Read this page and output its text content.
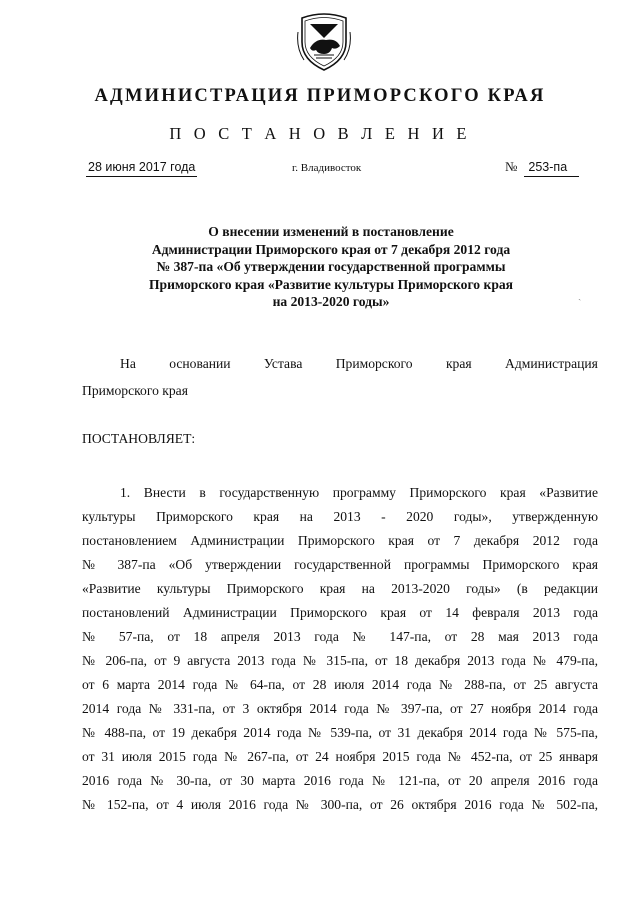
АДМИНИСТРАЦИЯ ПРИМОРСКОГО КРАЯ
П О С Т А Н О В Л Е Н И Е
28 июня 2017 года	г. Владивосток	№ 253-па
О внесении изменений в постановление
Администрации Приморского края от 7 декабря 2012 года
№ 387-па «Об утверждении государственной программы
Приморского края «Развитие культуры Приморского края
на 2013-2020 годы»	ˎ
На основании Устава Приморского края Администрация
Приморского края
ПОСТАНОВЛЯЕТ:
1. Внести в государственную программу Приморского края «Развитие
культуры Приморского края на 2013 - 2020 годы», утвержденную
постановлением Администрации Приморского края от 7 декабря 2012 года
№ 387-па «Об утверждении государственной программы Приморского края
«Развитие культуры Приморского края на 2013-2020 годы» (в редакции
постановлений Администрации Приморского края от 14 февраля 2013 года
№ 57-па, от 18 апреля 2013 года № 147-па, от 28 мая 2013 года
№ 206-па, от 9 августа 2013 года № 315-па, от 18 декабря 2013 года № 479-па,
от 6 марта 2014 года № 64-па, от 28 июля 2014 года № 288-па, от 25 августа
2014 года № 331-па, от 3 октября 2014 года № 397-па, от 27 ноября 2014 года
№ 488-па, от 19 декабря 2014 года № 539-па, от 31 декабря 2014 года № 575-па,
от 31 июля 2015 года № 267-па, от 24 ноября 2015 года № 452-па, от 25 января
2016 года № 30-па, от 30 марта 2016 года № 121-па, от 20 апреля 2016 года
№ 152-па, от 4 июля 2016 года № 300-па, от 26 октября 2016 года № 502-па,
